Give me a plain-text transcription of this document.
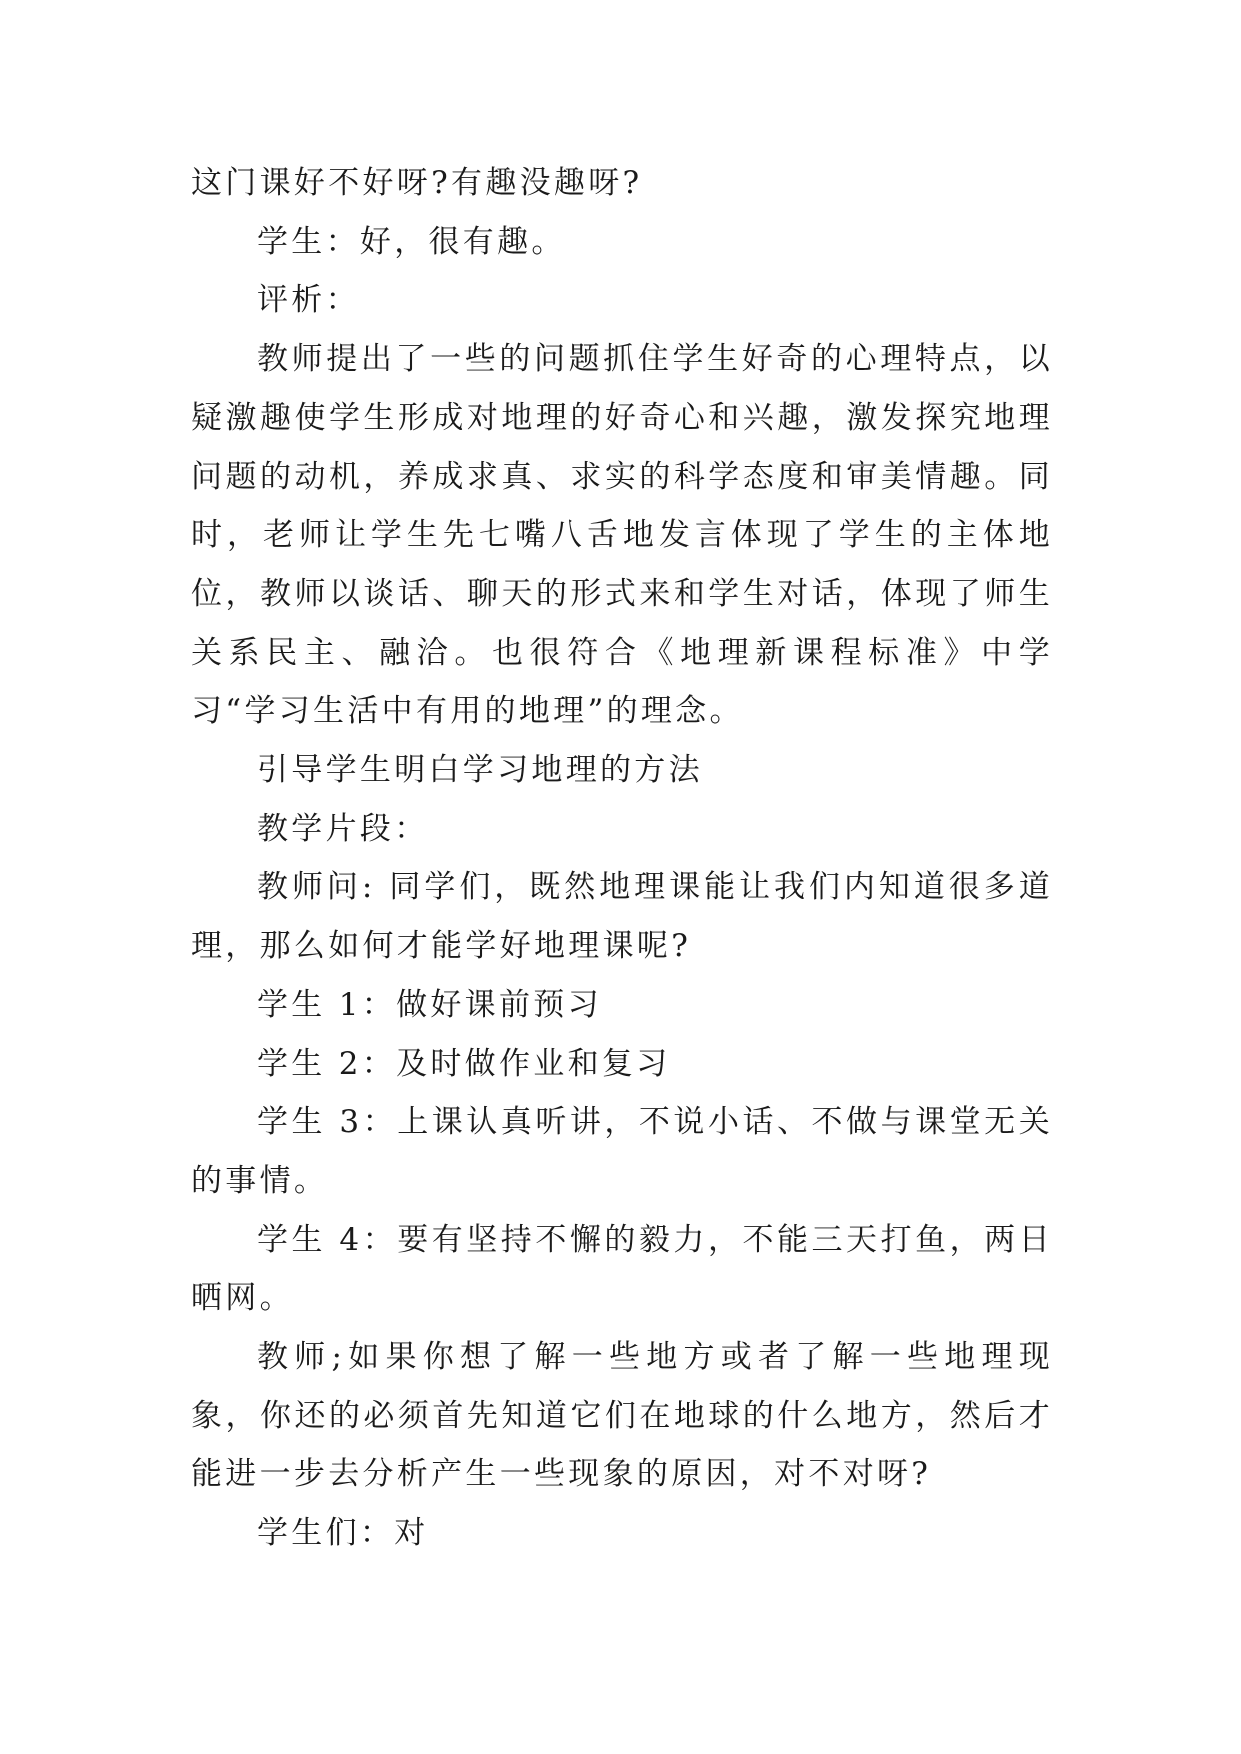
这门课好不好呀?有趣没趣呀?

学生：好，很有趣。

评析：

教师提出了一些的问题抓住学生好奇的心理特点，以疑激趣使学生形成对地理的好奇心和兴趣，激发探究地理问题的动机，养成求真、求实的科学态度和审美情趣。同时，老师让学生先七嘴八舌地发言体现了学生的主体地位，教师以谈话、聊天的形式来和学生对话，体现了师生关系民主、融洽。也很符合《地理新课程标准》中学习“学习生活中有用的地理”的理念。

引导学生明白学习地理的方法

教学片段：

教师问: 同学们，既然地理课能让我们内知道很多道理，那么如何才能学好地理课呢?

学生 1：做好课前预习

学生 2：及时做作业和复习

学生 3：上课认真听讲，不说小话、不做与课堂无关的事情。

学生 4：要有坚持不懈的毅力，不能三天打鱼，两日晒网。

教师;如果你想了解一些地方或者了解一些地理现象，你还的必须首先知道它们在地球的什么地方，然后才能进一步去分析产生一些现象的原因，对不对呀?

学生们：对
